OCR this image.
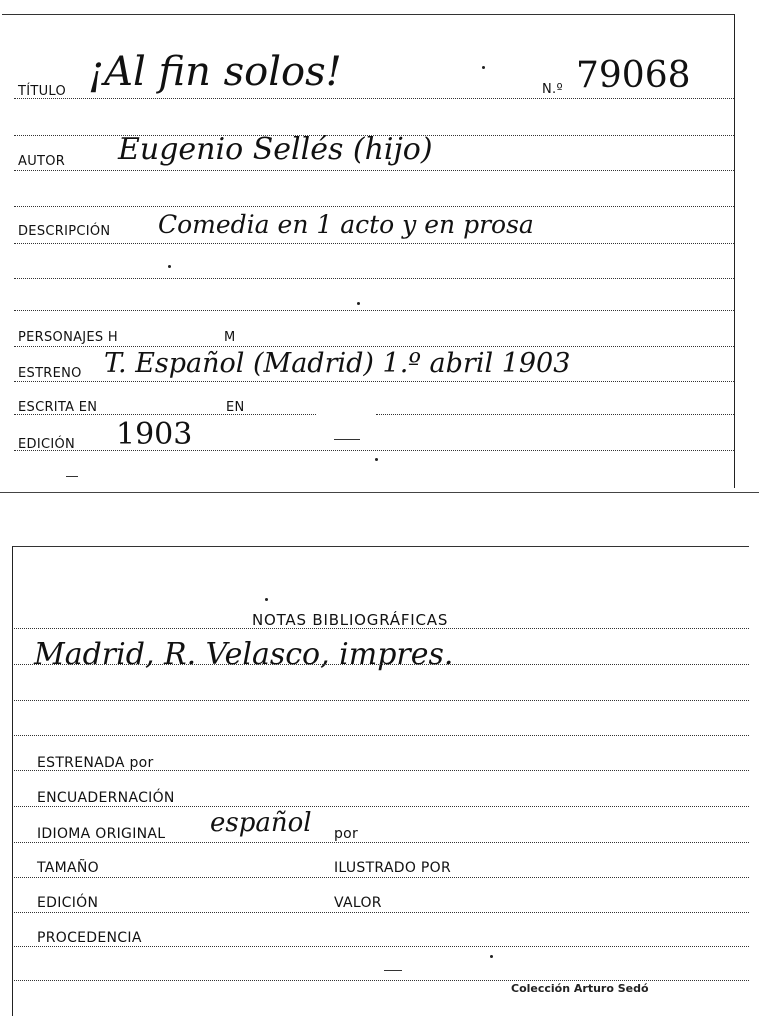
TÍTULO ¡Al fin solos!	N.º 79068
AUTOR Eugenio Sellés (hijo)
DESCRIPCIÓN Comedia en 1 acto y en prosa
PERSONAJES H	M
ESTRENO T. Español (Madrid) 1.º abril 1903
ESCRITA EN	EN
EDICIÓN 1903
NOTAS BIBLIOGRÁFICAS
Madrid, R. Velasco, impres.
ESTRENADA por
ENCUADERNACIÓN
IDIOMA ORIGINAL español por
TAMAÑO	ILUSTRADO POR
EDICIÓN	VALOR
PROCEDENCIA
Colección Arturo Sedó
